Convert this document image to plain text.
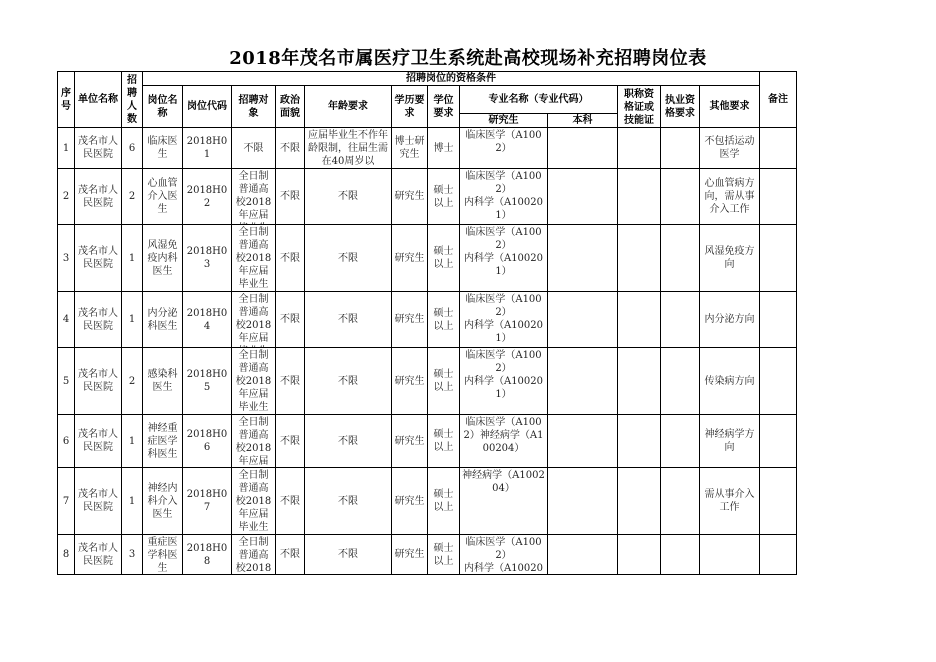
2018年茂名市属医疗卫生系统赴高校现场补充招聘岗位表
序号	单位名称	招聘人数	招聘岗位的资格条件												备注
			岗位名称	岗位代码	招聘对象	政治面貌	年龄要求	学历要求	学位要求	专业名称（专业代码）		职称资格证或技能证	执业资格要求	其他要求	
										研究生	本科				

1	茂名市人民医院	6	临床医生	2018H01	不限	不限	应届毕业生不作年龄限制，往届生需在40周岁以	博士研究生	博士	临床医学（A1002）				不包括运动医学	

2	茂名市人民医院	2	心血管介入医生	2018H02	全日制普通高校2018年应届	不限	不限	研究生	硕士以上	临床医学（A1002）
内科学（A100201）				心血管病方向，需从事介入工作	

3	茂名市人民医院	1	风湿免疫内科医生	2018H03	全日制普通高校2018年应届毕业生	不限	不限	研究生	硕士以上	临床医学（A1002）
内科学（A100201）				风湿免疫方向	

4	茂名市人民医院	1	内分泌科医生	2018H04	全日制普通高校2018年应届	不限	不限	研究生	硕士以上	临床医学（A1002）
内科学（A100201）				内分泌方向	

5	茂名市人民医院	2	感染科医生	2018H05	全日制普通高校2018年应届毕业生	不限	不限	研究生	硕士以上	临床医学（A1002）
内科学（A100201）				传染病方向	

6	茂名市人民医院	1	神经重症医学科医生	2018H06	全日制普通高校2018年应届	不限	不限	研究生	硕士以上	临床医学（A1002）神经病学（A100204）				神经病学方向	

7	茂名市人民医院	1	神经内科介入医生	2018H07	全日制普通高校2018年应届毕业生	不限	不限	研究生	硕士以上	神经病学（A100204）				需从事介入工作	

8	茂名市人民医院	3	重症医学科医生	2018H08	全日制普通高校2018	不限	不限	研究生	硕士以上	临床医学（A1002）
内科学（A10020					
